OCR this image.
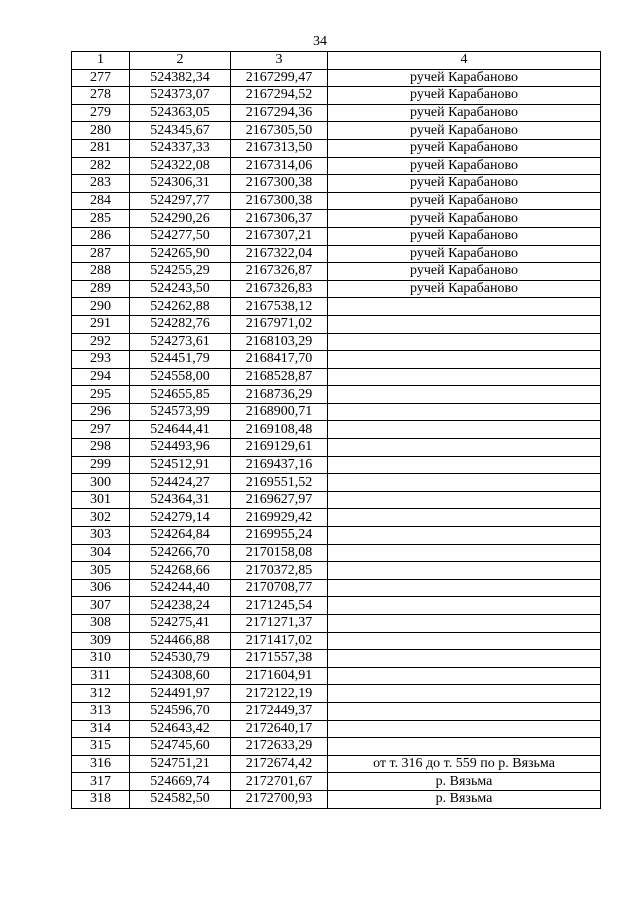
34
1	2	3	4
277	524382,34	2167299,47	ручей Карабаново
278	524373,07	2167294,52	ручей Карабаново
279	524363,05	2167294,36	ручей Карабаново
280	524345,67	2167305,50	ручей Карабаново
281	524337,33	2167313,50	ручей Карабаново
282	524322,08	2167314,06	ручей Карабаново
283	524306,31	2167300,38	ручей Карабаново
284	524297,77	2167300,38	ручей Карабаново
285	524290,26	2167306,37	ручей Карабаново
286	524277,50	2167307,21	ручей Карабаново
287	524265,90	2167322,04	ручей Карабаново
288	524255,29	2167326,87	ручей Карабаново
289	524243,50	2167326,83	ручей Карабаново
290	524262,88	2167538,12	
291	524282,76	2167971,02	
292	524273,61	2168103,29	
293	524451,79	2168417,70	
294	524558,00	2168528,87	
295	524655,85	2168736,29	
296	524573,99	2168900,71	
297	524644,41	2169108,48	
298	524493,96	2169129,61	
299	524512,91	2169437,16	
300	524424,27	2169551,52	
301	524364,31	2169627,97	
302	524279,14	2169929,42	
303	524264,84	2169955,24	
304	524266,70	2170158,08	
305	524268,66	2170372,85	
306	524244,40	2170708,77	
307	524238,24	2171245,54	
308	524275,41	2171271,37	
309	524466,88	2171417,02	
310	524530,79	2171557,38	
311	524308,60	2171604,91	
312	524491,97	2172122,19	
313	524596,70	2172449,37	
314	524643,42	2172640,17	
315	524745,60	2172633,29	
316	524751,21	2172674,42	от т. 316 до т. 559 по р. Вязьма
317	524669,74	2172701,67	р. Вязьма
318	524582,50	2172700,93	р. Вязьма
